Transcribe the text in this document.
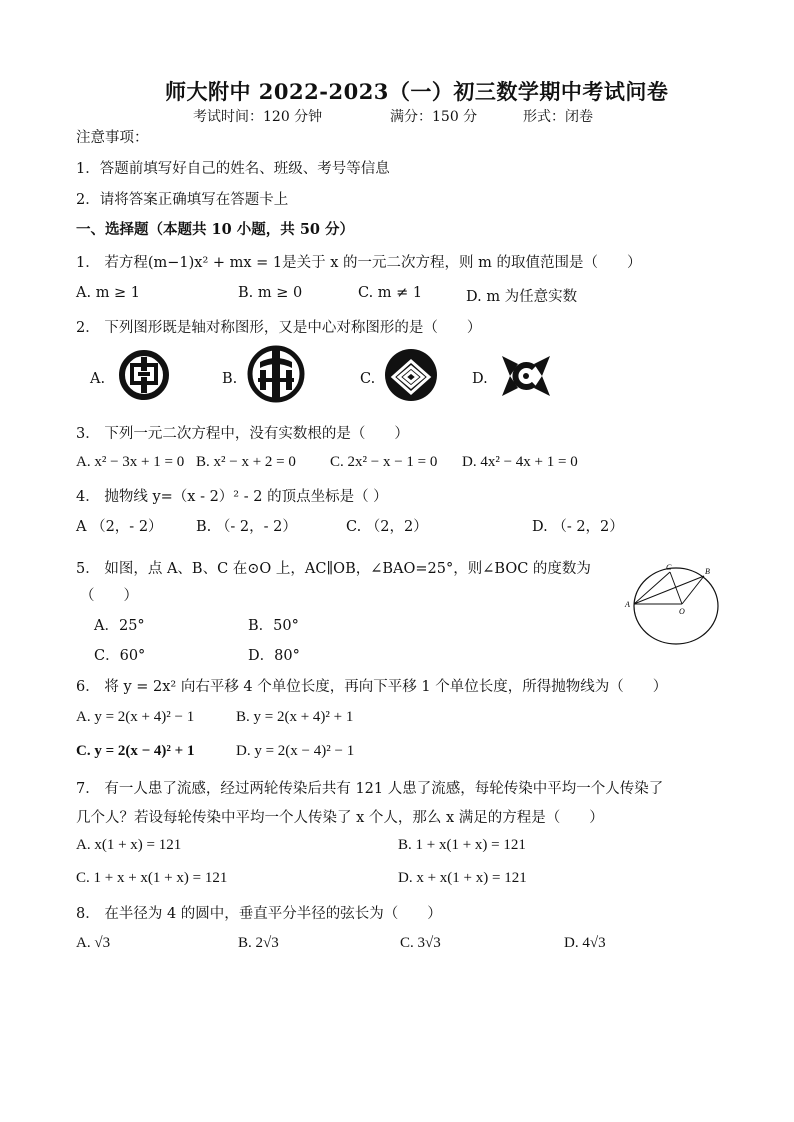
师大附中 2022-2023（一）初三数学期中考试问卷
考试时间：120 分钟	满分：150 分	形式：闭卷
注意事项：
1．答题前填写好自己的姓名、班级、考号等信息
2．请将答案正确填写在答题卡上
一、选择题（本题共 10 小题，共 50 分）
1． 若方程(m−1)x² + mx = 1是关于 x 的一元二次方程，则 m 的取值范围是（　　）
A. m ≥ 1	B. m ≥ 0	C. m ≠ 1	D. m 为任意实数
2． 下列图形既是轴对称图形，又是中心对称图形的是（　　）
A.	B.	C.	D.
3． 下列一元二次方程中，没有实数根的是（　　）
A. x² − 3x + 1 = 0 B. x² − x + 2 = 0 C. 2x² − x − 1 = 0 D. 4x² − 4x + 1 = 0
4． 抛物线 y=（x - 2）² - 2 的顶点坐标是（ ）
A （2，- 2） B. （- 2，- 2）	C. （2，2）	D. （- 2，2）
5． 如图，点 A、B、C 在⊙O 上，AC∥OB，∠BAO=25°，则∠BOC 的度数为
（　　）
A．25°	B．50°
C．60°	D．80°
A
C	B
O
6． 将 y = 2x² 向右平移 4 个单位长度，再向下平移 1 个单位长度，所得抛物线为（　　）
A. y = 2(x + 4)² − 1	B. y = 2(x + 4)² + 1
C. y = 2(x − 4)² + 1	D. y = 2(x − 4)² − 1
7． 有一人患了流感，经过两轮传染后共有 121 人患了流感，每轮传染中平均一个人传染了
几个人？若设每轮传染中平均一个人传染了 x 个人，那么 x 满足的方程是（　　）
A. x(1 + x) = 121	B. 1 + x(1 + x) = 121
C. 1 + x + x(1 + x) = 121	D. x + x(1 + x) = 121
8． 在半径为 4 的圆中，垂直平分半径的弦长为（　　）
A. √3	B. 2√3	C. 3√3	D. 4√3
